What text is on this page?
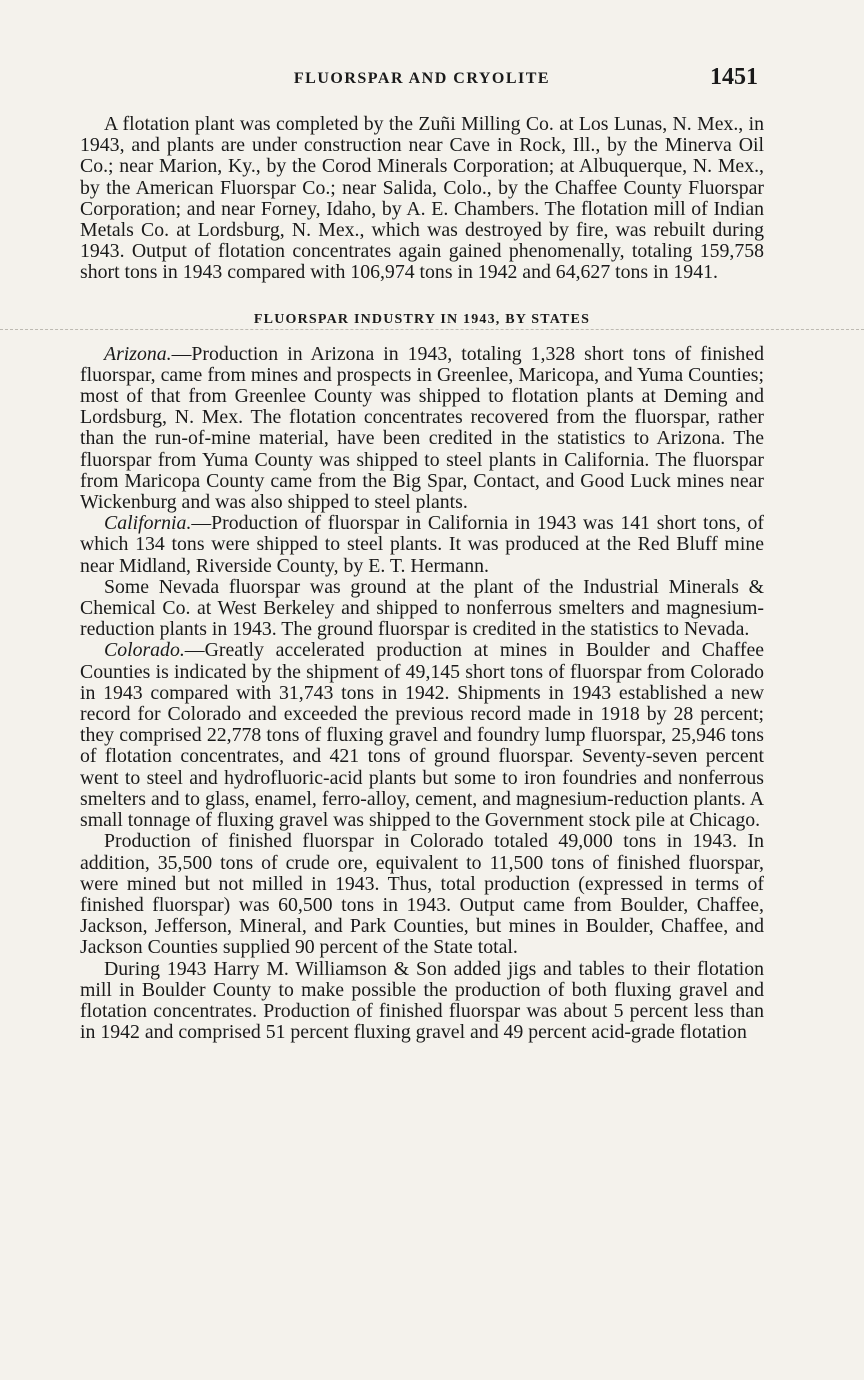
FLUORSPAR AND CRYOLITE	1451

A flotation plant was completed by the Zuñi Milling Co. at Los Lunas, N. Mex., in 1943, and plants are under construction near Cave in Rock, Ill., by the Minerva Oil Co.; near Marion, Ky., by the Corod Minerals Corporation; at Albuquerque, N. Mex., by the American Fluorspar Co.; near Salida, Colo., by the Chaffee County Fluorspar Corporation; and near Forney, Idaho, by A. E. Chambers. The flotation mill of Indian Metals Co. at Lordsburg, N. Mex., which was destroyed by fire, was rebuilt during 1943. Output of flotation concentrates again gained phenomenally, totaling 159,758 short tons in 1943 compared with 106,974 tons in 1942 and 64,627 tons in 1941.

FLUORSPAR INDUSTRY IN 1943, BY STATES

Arizona.—Production in Arizona in 1943, totaling 1,328 short tons of finished fluorspar, came from mines and prospects in Greenlee, Maricopa, and Yuma Counties; most of that from Greenlee County was shipped to flotation plants at Deming and Lordsburg, N. Mex. The flotation concentrates recovered from the fluorspar, rather than the run-of-mine material, have been credited in the statistics to Arizona. The fluorspar from Yuma County was shipped to steel plants in California. The fluorspar from Maricopa County came from the Big Spar, Contact, and Good Luck mines near Wickenburg and was also shipped to steel plants.

California.—Production of fluorspar in California in 1943 was 141 short tons, of which 134 tons were shipped to steel plants. It was produced at the Red Bluff mine near Midland, Riverside County, by E. T. Hermann.

Some Nevada fluorspar was ground at the plant of the Industrial Minerals & Chemical Co. at West Berkeley and shipped to nonferrous smelters and magnesium-reduction plants in 1943. The ground fluorspar is credited in the statistics to Nevada.

Colorado.—Greatly accelerated production at mines in Boulder and Chaffee Counties is indicated by the shipment of 49,145 short tons of fluorspar from Colorado in 1943 compared with 31,743 tons in 1942. Shipments in 1943 established a new record for Colorado and exceeded the previous record made in 1918 by 28 percent; they comprised 22,778 tons of fluxing gravel and foundry lump fluorspar, 25,946 tons of flotation concentrates, and 421 tons of ground fluorspar. Seventy-seven percent went to steel and hydrofluoric-acid plants but some to iron foundries and nonferrous smelters and to glass, enamel, ferro-alloy, cement, and magnesium-reduction plants. A small tonnage of fluxing gravel was shipped to the Government stock pile at Chicago.

Production of finished fluorspar in Colorado totaled 49,000 tons in 1943. In addition, 35,500 tons of crude ore, equivalent to 11,500 tons of finished fluorspar, were mined but not milled in 1943. Thus, total production (expressed in terms of finished fluorspar) was 60,500 tons in 1943. Output came from Boulder, Chaffee, Jackson, Jefferson, Mineral, and Park Counties, but mines in Boulder, Chaffee, and Jackson Counties supplied 90 percent of the State total.

During 1943 Harry M. Williamson & Son added jigs and tables to their flotation mill in Boulder County to make possible the production of both fluxing gravel and flotation concentrates. Production of finished fluorspar was about 5 percent less than in 1942 and comprised 51 percent fluxing gravel and 49 percent acid-grade flotation
